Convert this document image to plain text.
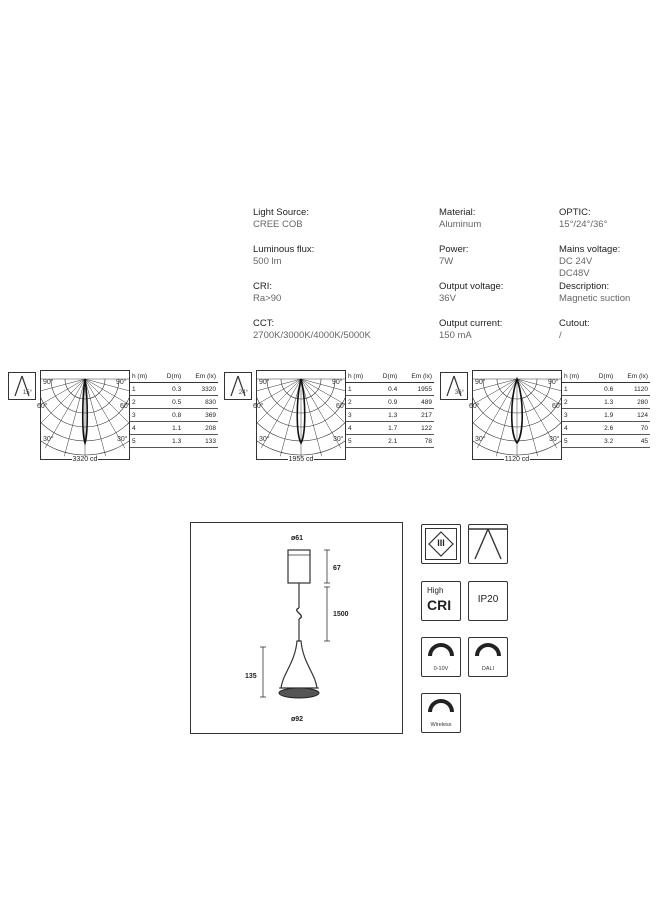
Light Source:
CREE COB
Luminous flux:
500 lm
CRI:
Ra>90
CCT:
2700K/3000K/4000K/5000K
Material:
Aluminum
Power:
7W
Output voltage:
36V
Output current:
150 mA
OPTIC:
15°/24°/36°
Mains voltage:
DC 24V
DC48V
Description:
Magnetic suction
Cutout:
/
15°
3320 cd
90°	90°
60°	60°
30°	30°
h (m)	D(m)	Em (lx)
1	0.3	3320
2	0.5	830
3	0.8	369
4	1.1	208
5	1.3	133
24°
1955 cd
90°	90°
60°	60°
30°	30°
h (m)	D(m)	Em (lx)
1	0.4	1955
2	0.9	489
3	1.3	217
4	1.7	122
5	2.1	78
36°
1120 cd
90°	90°
60°	60°
30°	30°
h (m)	D(m)	Em (lx)
1	0.6	1120
2	1.3	280
3	1.9	124
4	2.6	70
5	3.2	45
ø61
67
1500
135
ø92
III
High
CRI	IP20
0-10V	DALI
Wireless
